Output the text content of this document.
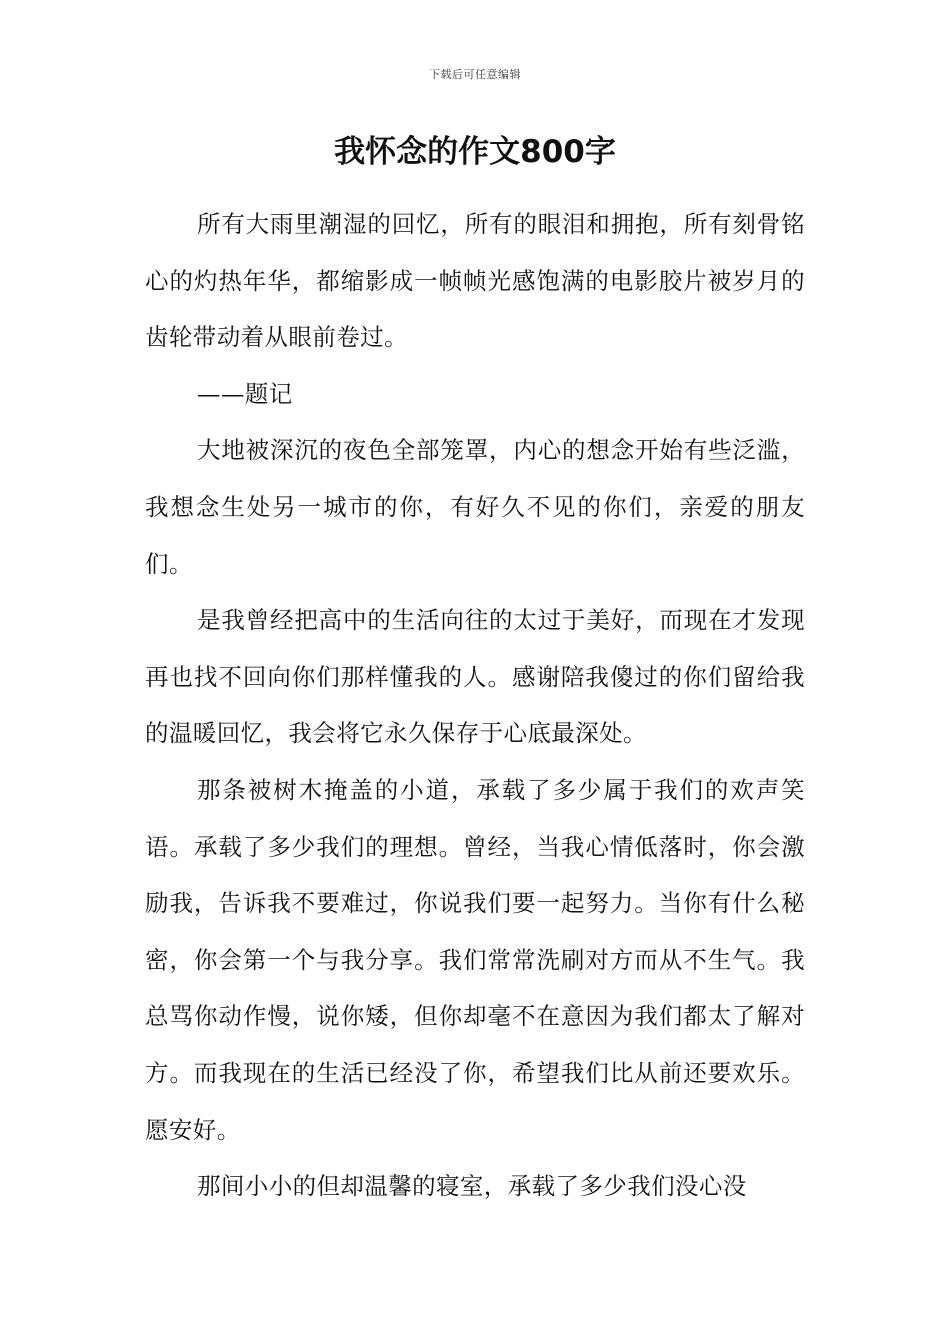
下载后可任意编辑
我怀念的作文800字

所有大雨里潮湿的回忆，所有的眼泪和拥抱，所有刻骨铭心的灼热年华，都缩影成一帧帧光感饱满的电影胶片被岁月的齿轮带动着从眼前卷过。

——题记

大地被深沉的夜色全部笼罩，内心的想念开始有些泛滥，我想念生处另一城市的你，有好久不见的你们，亲爱的朋友们。

是我曾经把高中的生活向往的太过于美好，而现在才发现再也找不回向你们那样懂我的人。感谢陪我傻过的你们留给我的温暖回忆，我会将它永久保存于心底最深处。

那条被树木掩盖的小道，承载了多少属于我们的欢声笑语。承载了多少我们的理想。曾经，当我心情低落时，你会激励我，告诉我不要难过，你说我们要一起努力。当你有什么秘密，你会第一个与我分享。我们常常洗刷对方而从不生气。我总骂你动作慢，说你矮，但你却毫不在意因为我们都太了解对方。而我现在的生活已经没了你，希望我们比从前还要欢乐。愿安好。

那间小小的但却温馨的寝室，承载了多少我们没心没
